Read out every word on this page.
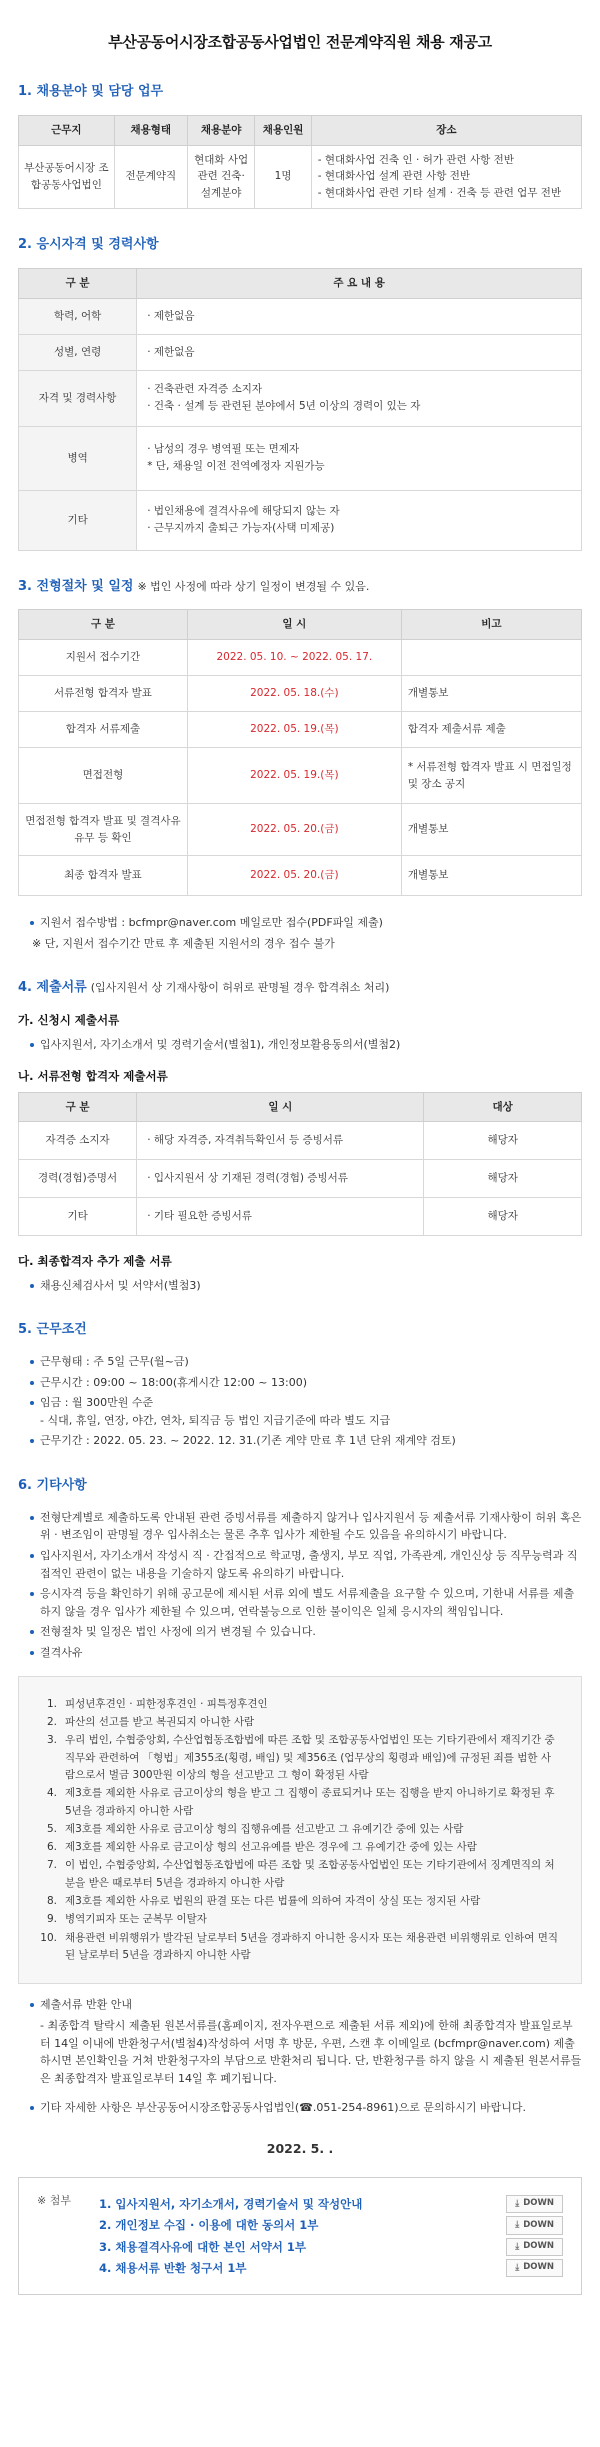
부산공동어시장조합공동사업법인 전문계약직원 채용 재공고
1. 채용분야 및 담당 업무
근무지	채용형태	채용분야	채용인원	장소
부산공동어시장 조합공동사업법인	전문계약직	현대화 사업관련 건축· 설계분야	1명	- 현대화사업 건축 인 · 허가 관련 사항 전반
- 현대화사업 설계 관련 사항 전반
- 현대화사업 관련 기타 설계 · 건축 등 관련 업무 전반
2. 응시자격 및 경력사항
구 분	주 요 내 용
학력, 어학	· 제한없음
성별, 연령	· 제한없음
자격 및 경력사항	· 건축관련 자격증 소지자
· 건축 · 설계 등 관련된 분야에서 5년 이상의 경력이 있는 자

병역	· 남성의 경우 병역필 또는 면제자
* 단, 채용일 이전 전역예정자 지원가능

기타	· 법인채용에 결격사유에 해당되지 않는 자
· 근무지까지 출퇴근 가능자(사택 미제공)
3. 전형절차 및 일정 ※ 법인 사정에 따라 상기 일정이 변경될 수 있음.
구 분	일 시	비고
지원서 접수기간	2022. 05. 10. ~ 2022. 05. 17.	
서류전형 합격자 발표	2022. 05. 18.(수)	개별통보
합격자 서류제출	2022. 05. 19.(목)	합격자 제출서류 제출
면접전형	2022. 05. 19.(목)	* 서류전형 합격자 발표 시 면접일정 및 장소 공지
면접전형 합격자 발표 및 결격사유 유무 등 확인	2022. 05. 20.(금)	개별통보
최종 합격자 발표	2022. 05. 20.(금)	개별통보
지원서 접수방법 : bcfmpr@naver.com 메일로만 접수(PDF파일 제출)
※ 단, 지원서 접수기간 만료 후 제출된 지원서의 경우 접수 불가
4. 제출서류 (입사지원서 상 기재사항이 허위로 판명될 경우 합격취소 처리)
가. 신청시 제출서류
입사지원서, 자기소개서 및 경력기술서(별첨1), 개인정보활용동의서(별첨2)
나. 서류전형 합격자 제출서류
구 분	일 시	대상
자격증 소지자	· 해당 자격증, 자격취득확인서 등 증빙서류	해당자
경력(경험)증명서	· 입사지원서 상 기재된 경력(경험) 증빙서류	해당자
기타	· 기타 필요한 증빙서류	해당자
다. 최종합격자 추가 제출 서류
채용신체검사서 및 서약서(별첨3)
5. 근무조건
근무형태 : 주 5일 근무(월~금)
근무시간 : 09:00 ~ 18:00(휴게시간 12:00 ~ 13:00)
임금 : 월 300만원 수준
- 식대, 휴일, 연장, 야간, 연차, 퇴직금 등 법인 지급기준에 따라 별도 지급
근무기간 : 2022. 05. 23. ~ 2022. 12. 31.(기존 계약 만료 후 1년 단위 재계약 검토)
6. 기타사항
전형단계별로 제출하도록 안내된 관련 증빙서류를 제출하지 않거나 입사지원서 등 제출서류 기재사항이 허위 혹은 위 · 변조임이 판명될 경우 입사취소는 물론 추후 입사가 제한될 수도 있음을 유의하시기 바랍니다.
입사지원서, 자기소개서 작성시 직 · 간접적으로 학교명, 출생지, 부모 직업, 가족관계, 개인신상 등 직무능력과 직접적인 관련이 없는 내용을 기술하지 않도록 유의하기 바랍니다.
응시자격 등을 확인하기 위해 공고문에 제시된 서류 외에 별도 서류제출을 요구할 수 있으며, 기한내 서류를 제출하지 않을 경우 입사가 제한될 수 있으며, 연락불능으로 인한 불이익은 일체 응시자의 책임입니다.
전형절차 및 일정은 법인 사정에 의거 변경될 수 있습니다.
결격사유
1. 피성년후견인 · 피한정후견인 · 피특정후견인
2. 파산의 선고를 받고 복권되지 아니한 사람
3. 우리 법인, 수협중앙회, 수산업협동조합법에 따른 조합 및 조합공동사업법인 또는 기타기관에서 재직기간 중 직무와 관련하여 「형법」제355조(횡령, 배임) 및 제356조 (업무상의 횡령과 배임)에 규정된 죄를 범한 사람으로서 벌금 300만원 이상의 형을 선고받고 그 형이 확정된 사람
4. 제3호를 제외한 사유로 금고이상의 형을 받고 그 집행이 종료되거나 또는 집행을 받지 아니하기로 확정된 후 5년을 경과하지 아니한 사람
5. 제3호를 제외한 사유로 금고이상 형의 집행유예를 선고받고 그 유예기간 중에 있는 사람
6. 제3호를 제외한 사유로 금고이상 형의 선고유예를 받은 경우에 그 유예기간 중에 있는 사람
7. 이 법인, 수협중앙회, 수산업협동조합법에 따른 조합 및 조합공동사업법인 또는 기타기관에서 징계면직의 처분을 받은 때로부터 5년을 경과하지 아니한 사람
8. 제3호를 제외한 사유로 법원의 판결 또는 다른 법률에 의하여 자격이 상실 또는 정지된 사람
9. 병역기피자 또는 군복무 이탈자
10. 채용관련 비위행위가 발각된 날로부터 5년을 경과하지 아니한 응시자 또는 채용관련 비위행위로 인하여 면직된 날로부터 5년을 경과하지 아니한 사람
제출서류 반환 안내
- 최종합격 탈락시 제출된 원본서류를(홈페이지, 전자우편으로 제출된 서류 제외)에 한해 최종합격자 발표일로부터 14일 이내에 반환청구서(별첨4)작성하여 서명 후 방문, 우편, 스캔 후 이메일로 (bcfmpr@naver.com) 제출하시면 본인확인을 거쳐 반환청구자의 부담으로 반환처리 됩니다. 단, 반환청구를 하지 않을 시 제출된 원본서류들은 최종합격자 발표일로부터 14일 후 폐기됩니다.
기타 자세한 사항은 부산공동어시장조합공동사업법인(☎.051-254-8961)으로 문의하시기 바랍니다.
2022. 5. .
※ 첨부	1. 입사지원서, 자기소개서, 경력기술서 및 작성안내	⤓ DOWN
2. 개인정보 수집 · 이용에 대한 동의서 1부	⤓ DOWN
3. 채용결격사유에 대한 본인 서약서 1부	⤓ DOWN
4. 채용서류 반환 청구서 1부	⤓ DOWN
